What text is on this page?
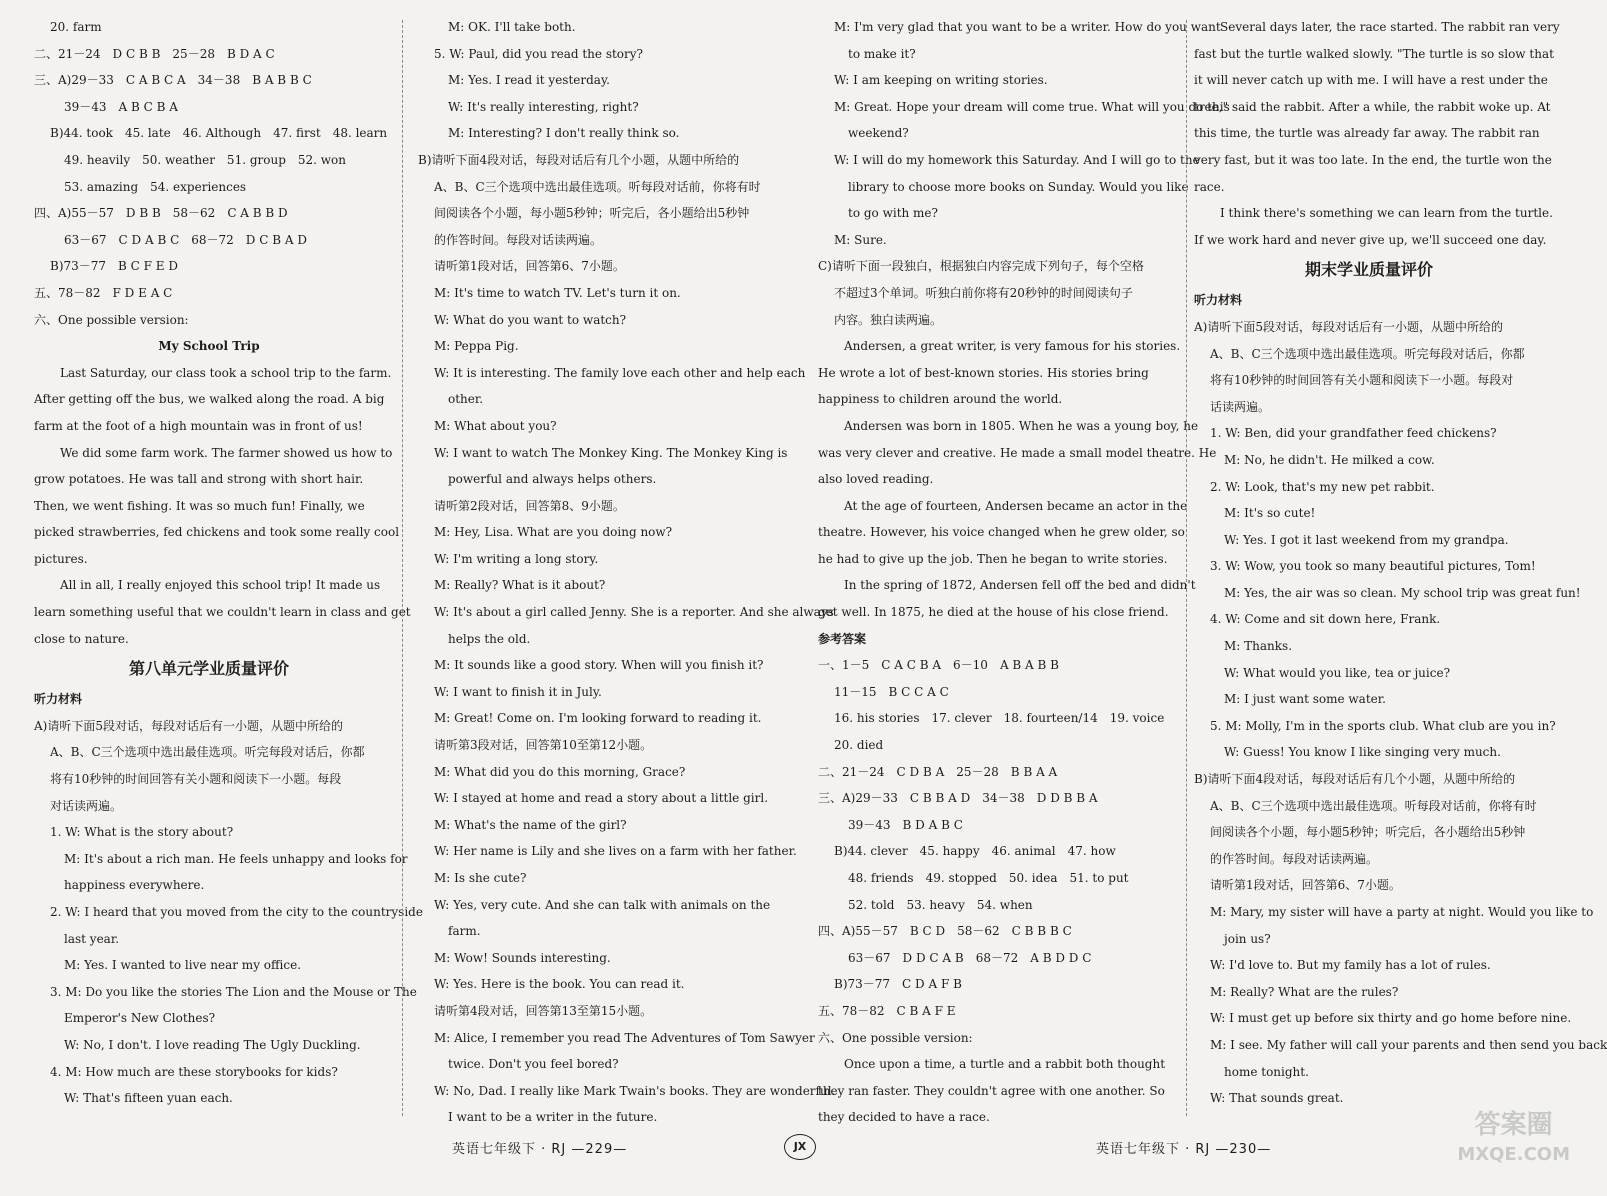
20. farm
二、21－24　D C B B　25－28　B D A C
三、A)29－33　C A B C A　34－38　B A B B C
39－43　A B C B A
B)44. took　45. late　46. Although　47. first　48. learn
49. heavily　50. weather　51. group　52. won
53. amazing　54. experiences
四、A)55－57　D B B　58－62　C A B B D
63－67　C D A B C　68－72　D C B A D
B)73－77　B C F E D
五、78－82　F D E A C
六、One possible version:
My School Trip
Last Saturday, our class took a school trip to the farm.
After getting off the bus, we walked along the road. A big
farm at the foot of a high mountain was in front of us!
We did some farm work. The farmer showed us how to
grow potatoes. He was tall and strong with short hair.
Then, we went fishing. It was so much fun! Finally, we
picked strawberries, fed chickens and took some really cool
pictures.
All in all, I really enjoyed this school trip! It made us
learn something useful that we couldn't learn in class and get
close to nature.
第八单元学业质量评价
听力材料
A)请听下面5段对话，每段对话后有一小题，从题中所给的
A、B、C三个选项中选出最佳选项。听完每段对话后，你都
将有10秒钟的时间回答有关小题和阅读下一小题。每段
对话读两遍。
1. W: What is the story about?
M: It's about a rich man. He feels unhappy and looks for
happiness everywhere.
2. W: I heard that you moved from the city to the countryside
last year.
M: Yes. I wanted to live near my office.
3. M: Do you like the stories The Lion and the Mouse or The
Emperor's New Clothes?
W: No, I don't. I love reading The Ugly Duckling.
4. M: How much are these storybooks for kids?
W: That's fifteen yuan each.
M: OK. I'll take both.
5. W: Paul, did you read the story?
M: Yes. I read it yesterday.
W: It's really interesting, right?
M: Interesting? I don't really think so.
B)请听下面4段对话，每段对话后有几个小题，从题中所给的
A、B、C三个选项中选出最佳选项。听每段对话前，你将有时
间阅读各个小题，每小题5秒钟；听完后，各小题给出5秒钟
的作答时间。每段对话读两遍。
请听第1段对话，回答第6、7小题。
M: It's time to watch TV. Let's turn it on.
W: What do you want to watch?
M: Peppa Pig.
W: It is interesting. The family love each other and help each
other.
M: What about you?
W: I want to watch The Monkey King. The Monkey King is
powerful and always helps others.
请听第2段对话，回答第8、9小题。
M: Hey, Lisa. What are you doing now?
W: I'm writing a long story.
M: Really? What is it about?
W: It's about a girl called Jenny. She is a reporter. And she always
helps the old.
M: It sounds like a good story. When will you finish it?
W: I want to finish it in July.
M: Great! Come on. I'm looking forward to reading it.
请听第3段对话，回答第10至第12小题。
M: What did you do this morning, Grace?
W: I stayed at home and read a story about a little girl.
M: What's the name of the girl?
W: Her name is Lily and she lives on a farm with her father.
M: Is she cute?
W: Yes, very cute. And she can talk with animals on the
farm.
M: Wow! Sounds interesting.
W: Yes. Here is the book. You can read it.
请听第4段对话，回答第13至第15小题。
M: Alice, I remember you read The Adventures of Tom Sawyer
twice. Don't you feel bored?
W: No, Dad. I really like Mark Twain's books. They are wonderful.
I want to be a writer in the future.
英语七年级下 · RJ —229—	JX
M: I'm very glad that you want to be a writer. How do you want
to make it?
W: I am keeping on writing stories.
M: Great. Hope your dream will come true. What will you do this
weekend?
W: I will do my homework this Saturday. And I will go to the
library to choose more books on Sunday. Would you like
to go with me?
M: Sure.
C)请听下面一段独白，根据独白内容完成下列句子，每个空格
不超过3个单词。听独白前你将有20秒钟的时间阅读句子
内容。独白读两遍。
Andersen, a great writer, is very famous for his stories.
He wrote a lot of best-known stories. His stories bring
happiness to children around the world.
Andersen was born in 1805. When he was a young boy, he
was very clever and creative. He made a small model theatre. He
also loved reading.
At the age of fourteen, Andersen became an actor in the
theatre. However, his voice changed when he grew older, so
he had to give up the job. Then he began to write stories.
In the spring of 1872, Andersen fell off the bed and didn't
get well. In 1875, he died at the house of his close friend.
参考答案
一、1－5　C A C B A　6－10　A B A B B
11－15　B C C A C
16. his stories　17. clever　18. fourteen/14　19. voice
20. died
二、21－24　C D B A　25－28　B B A A
三、A)29－33　C B B A D　34－38　D D B B A
39－43　B D A B C
B)44. clever　45. happy　46. animal　47. how
48. friends　49. stopped　50. idea　51. to put
52. told　53. heavy　54. when
四、A)55－57　B C D　58－62　C B B B C
63－67　D D C A B　68－72　A B D D C
B)73－77　C D A F B
五、78－82　C B A F E
六、One possible version:
Once upon a time, a turtle and a rabbit both thought
they ran faster. They couldn't agree with one another. So
they decided to have a race.
Several days later, the race started. The rabbit ran very
fast but the turtle walked slowly. "The turtle is so slow that
it will never catch up with me. I will have a rest under the
tree," said the rabbit. After a while, the rabbit woke up. At
this time, the turtle was already far away. The rabbit ran
very fast, but it was too late. In the end, the turtle won the
race.
I think there's something we can learn from the turtle.
If we work hard and never give up, we'll succeed one day.
期末学业质量评价
听力材料
A)请听下面5段对话，每段对话后有一小题，从题中所给的
A、B、C三个选项中选出最佳选项。听完每段对话后，你都
将有10秒钟的时间回答有关小题和阅读下一小题。每段对
话读两遍。
1. W: Ben, did your grandfather feed chickens?
M: No, he didn't. He milked a cow.
2. W: Look, that's my new pet rabbit.
M: It's so cute!
W: Yes. I got it last weekend from my grandpa.
3. W: Wow, you took so many beautiful pictures, Tom!
M: Yes, the air was so clean. My school trip was great fun!
4. W: Come and sit down here, Frank.
M: Thanks.
W: What would you like, tea or juice?
M: I just want some water.
5. M: Molly, I'm in the sports club. What club are you in?
W: Guess! You know I like singing very much.
B)请听下面4段对话，每段对话后有几个小题，从题中所给的
A、B、C三个选项中选出最佳选项。听每段对话前，你将有时
间阅读各个小题，每小题5秒钟；听完后，各小题给出5秒钟
的作答时间。每段对话读两遍。
请听第1段对话，回答第6、7小题。
M: Mary, my sister will have a party at night. Would you like to
join us?
W: I'd love to. But my family has a lot of rules.
M: Really? What are the rules?
W: I must get up before six thirty and go home before nine.
M: I see. My father will call your parents and then send you back
home tonight.
W: That sounds great.
英语七年级下 · RJ —230—
答案圈
MXQE.COM
